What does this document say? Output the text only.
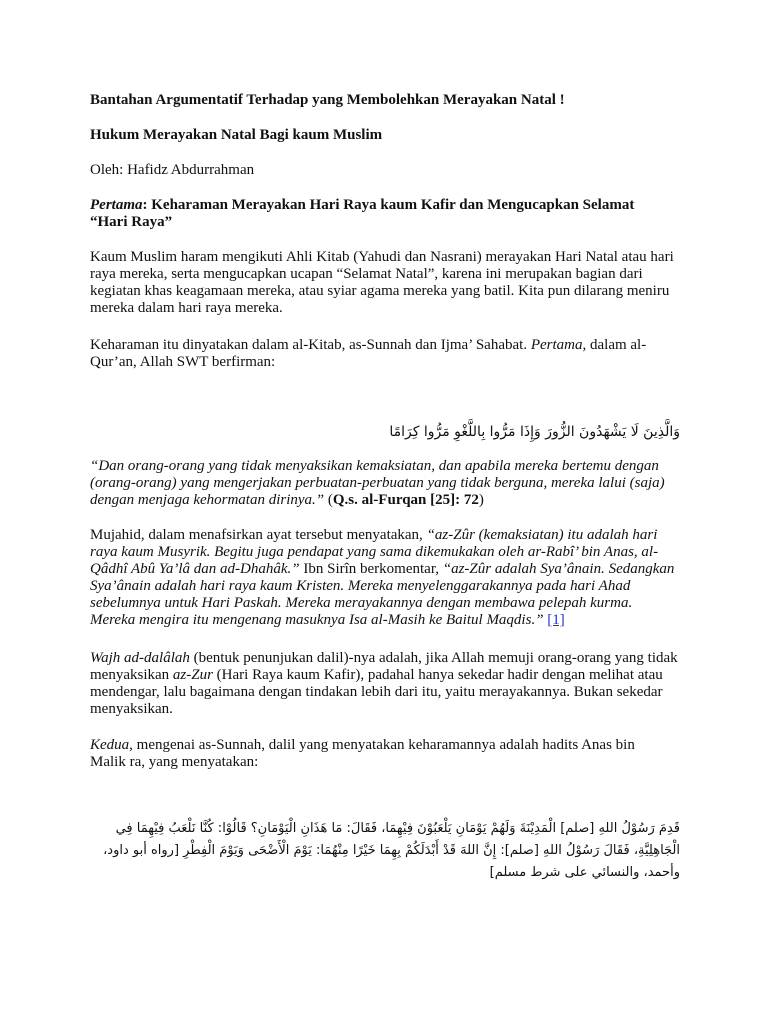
Bantahan Argumentatif Terhadap yang Membolehkan Merayakan Natal !
Hukum Merayakan Natal Bagi kaum Muslim

Oleh: Hafidz Abdurrahman

Pertama: Keharaman Merayakan Hari Raya kaum Kafir dan Mengucapkan Selamat “Hari Raya”

Kaum Muslim haram mengikuti Ahli Kitab (Yahudi dan Nasrani) merayakan Hari Natal atau hari raya mereka, serta mengucapkan ucapan “Selamat Natal”, karena ini merupakan bagian dari kegiatan khas keagamaan mereka, atau syiar agama mereka yang batil. Kita pun dilarang meniru mereka dalam hari raya mereka.

Keharaman itu dinyatakan dalam al-Kitab, as-Sunnah dan Ijma’ Sahabat. Pertama, dalam al-Qur’an, Allah SWT berfirman:

وَالَّذِينَ لَا يَشْهَدُونَ الزُّورَ وَإِذَا مَرُّوا بِاللَّغْوِ مَرُّوا كِرَامًا

“Dan orang-orang yang tidak menyaksikan kemaksiatan, dan apabila mereka bertemu dengan (orang-orang) yang mengerjakan perbuatan-perbuatan yang tidak berguna, mereka lalui (saja) dengan menjaga kehormatan dirinya.” (Q.s. al-Furqan [25]: 72)

Mujahid, dalam menafsirkan ayat tersebut menyatakan, “az-Zûr (kemaksiatan) itu adalah hari raya kaum Musyrik. Begitu juga pendapat yang sama dikemukakan oleh ar-Rabî’ bin Anas, al-Qâdhî Abû Ya’lâ dan ad-Dhahâk.” Ibn Sirîn berkomentar, “az-Zûr adalah Sya’ânain. Sedangkan Sya’ânain adalah hari raya kaum Kristen. Mereka menyelenggarakannya pada hari Ahad sebelumnya untuk Hari Paskah. Mereka merayakannya dengan membawa pelepah kurma. Mereka mengira itu mengenang masuknya Isa al-Masih ke Baitul Maqdis.” [1]

Wajh ad-dalâlah (bentuk penunjukan dalil)-nya adalah, jika Allah memuji orang-orang yang tidak menyaksikan az-Zur (Hari Raya kaum Kafir), padahal hanya sekedar hadir dengan melihat atau mendengar, lalu bagaimana dengan tindakan lebih dari itu, yaitu merayakannya. Bukan sekedar menyaksikan.

Kedua, mengenai as-Sunnah, dalil yang menyatakan keharamannya adalah hadits Anas bin Malik ra, yang menyatakan:

قَدِمَ رَسُوْلُ اللهِ [صلم] الْمَدِيْنَةَ وَلَهُمْ يَوْمَانِ يَلْعَبُوْنَ فِيْهِمَا، فَقَالَ: مَا هَذَانِ الْيَوْمَانِ؟ قَالُوْا: كُنَّا نَلْعَبُ فِيْهِمَا فِي الْجَاهِلِيَّةِ، فَقَالَ رَسُوْلُ اللهِ [صلم]: إِنَّ اللهَ قَدْ أَبْدَلَكُمْ بِهِمَا خَيْرًا مِنْهُمَا: يَوْمَ الْأَضْحَى وَيَوْمَ الْفِطْرِ [رواه أبو داود، وأحمد، والنسائي على شرط مسلم]
